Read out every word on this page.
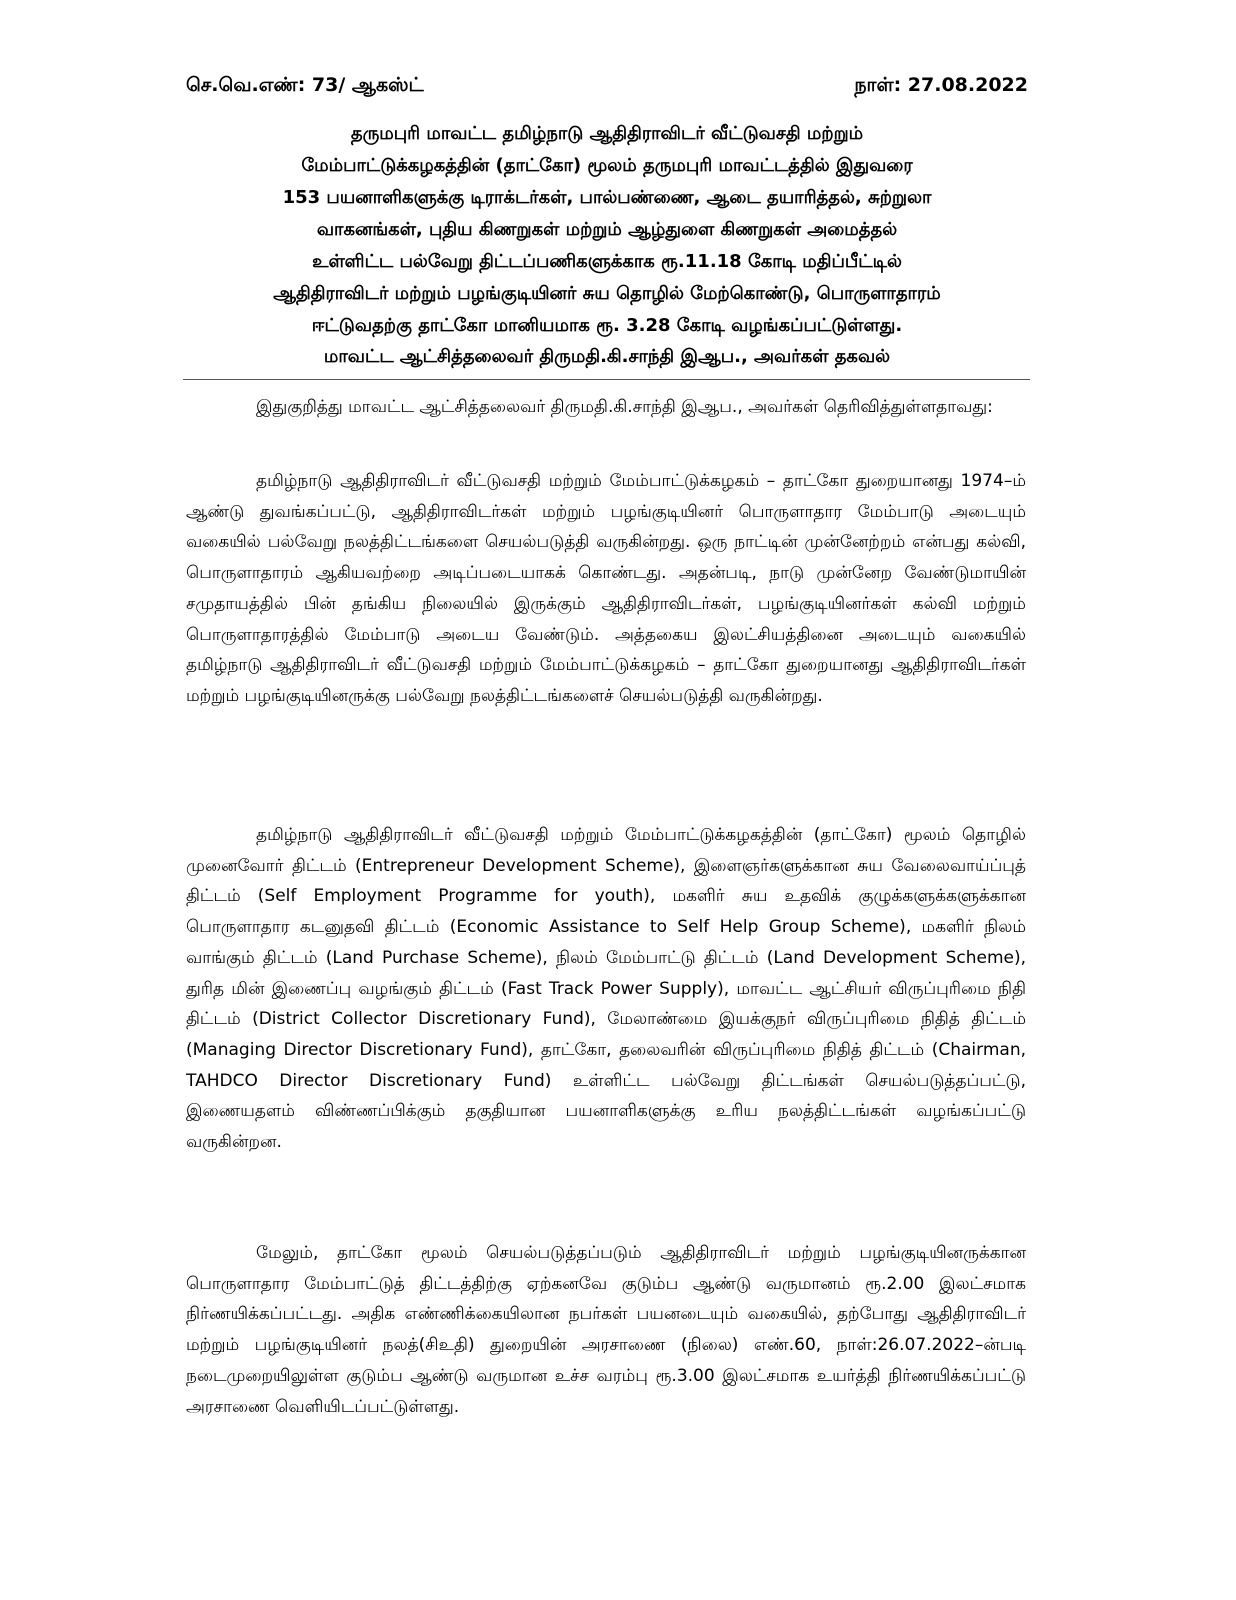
செ.வெ.எண்: 73/ ஆகஸ்ட்	நாள்: 27.08.2022
தருமபுரி மாவட்ட தமிழ்நாடு ஆதிதிராவிடர் வீட்டுவசதி மற்றும்
மேம்பாட்டுக்கழகத்தின் (தாட்கோ) மூலம் தருமபுரி மாவட்டத்தில் இதுவரை
153 பயனாளிகளுக்கு டிராக்டர்கள், பால்பண்ணை, ஆடை தயாரித்தல், சுற்றுலா
வாகனங்கள், புதிய கிணறுகள் மற்றும் ஆழ்துளை கிணறுகள் அமைத்தல்
உள்ளிட்ட பல்வேறு திட்டப்பணிகளுக்காக ரூ.11.18 கோடி மதிப்பீட்டில்
ஆதிதிராவிடர் மற்றும் பழங்குடியினர் சுய தொழில் மேற்கொண்டு, பொருளாதாரம்
ஈட்டுவதற்கு தாட்கோ மானியமாக ரூ. 3.28 கோடி வழங்கப்பட்டுள்ளது.
மாவட்ட ஆட்சித்தலைவர் திருமதி.கி.சாந்தி இஆப., அவர்கள் தகவல்

இதுகுறித்து மாவட்ட ஆட்சித்தலைவர் திருமதி.கி.சாந்தி இஆப., அவர்கள் தெரிவித்துள்ளதாவது:

தமிழ்நாடு ஆதிதிராவிடர் வீட்டுவசதி மற்றும் மேம்பாட்டுக்கழகம் – தாட்கோ துறையானது 1974–ம் ஆண்டு துவங்கப்பட்டு, ஆதிதிராவிடர்கள் மற்றும் பழங்குடியினர் பொருளாதார மேம்பாடு அடையும் வகையில் பல்வேறு நலத்திட்டங்களை செயல்படுத்தி வருகின்றது. ஒரு நாட்டின் முன்னேற்றம் என்பது கல்வி, பொருளாதாரம் ஆகியவற்றை அடிப்படையாகக் கொண்டது. அதன்படி, நாடு முன்னேற வேண்டுமாயின் சமுதாயத்தில் பின் தங்கிய நிலையில் இருக்கும் ஆதிதிராவிடர்கள், பழங்குடியினர்கள் கல்வி மற்றும் பொருளாதாரத்தில் மேம்பாடு அடைய வேண்டும். அத்தகைய இலட்சியத்தினை அடையும் வகையில் தமிழ்நாடு ஆதிதிராவிடர் வீட்டுவசதி மற்றும் மேம்பாட்டுக்கழகம் – தாட்கோ துறையானது ஆதிதிராவிடர்கள் மற்றும் பழங்குடியினருக்கு பல்வேறு நலத்திட்டங்களைச் செயல்படுத்தி வருகின்றது.

தமிழ்நாடு ஆதிதிராவிடர் வீட்டுவசதி மற்றும் மேம்பாட்டுக்கழகத்தின் (தாட்கோ) மூலம் தொழில் முனைவோர் திட்டம் (Entrepreneur Development Scheme), இளைஞர்களுக்கான சுய வேலைவாய்ப்புத் திட்டம் (Self Employment Programme for youth), மகளிர் சுய உதவிக் குழுக்களுக்களுக்கான பொருளாதார கடனுதவி திட்டம் (Economic Assistance to Self Help Group Scheme), மகளிர் நிலம் வாங்கும் திட்டம் (Land Purchase Scheme), நிலம் மேம்பாட்டு திட்டம் (Land Development Scheme), துரித மின் இணைப்பு வழங்கும் திட்டம் (Fast Track Power Supply), மாவட்ட ஆட்சியர் விருப்புரிமை நிதி திட்டம் (District Collector Discretionary Fund), மேலாண்மை இயக்குநர் விருப்புரிமை நிதித் திட்டம் (Managing Director Discretionary Fund), தாட்கோ, தலைவரின் விருப்புரிமை நிதித் திட்டம் (Chairman, TAHDCO Director Discretionary Fund) உள்ளிட்ட பல்வேறு திட்டங்கள் செயல்படுத்தப்பட்டு, இணையதளம் விண்ணப்பிக்கும் தகுதியான பயனாளிகளுக்கு உரிய நலத்திட்டங்கள் வழங்கப்பட்டு வருகின்றன.

மேலும், தாட்கோ மூலம் செயல்படுத்தப்படும் ஆதிதிராவிடர் மற்றும் பழங்குடியினருக்கான பொருளாதார மேம்பாட்டுத் திட்டத்திற்கு ஏற்கனவே குடும்ப ஆண்டு வருமானம் ரூ.2.00 இலட்சமாக நிர்ணயிக்கப்பட்டது. அதிக எண்ணிக்கையிலான நபர்கள் பயனடையும் வகையில், தற்போது ஆதிதிராவிடர் மற்றும் பழங்குடியினர் நலத்(சிஉதி) துறையின் அரசாணை (நிலை) எண்.60, நாள்:26.07.2022–ன்படி நடைமுறையிலுள்ள குடும்ப ஆண்டு வருமான உச்ச வரம்பு ரூ.3.00 இலட்சமாக உயர்த்தி நிர்ணயிக்கப்பட்டு அரசாணை வெளியிடப்பட்டுள்ளது.
